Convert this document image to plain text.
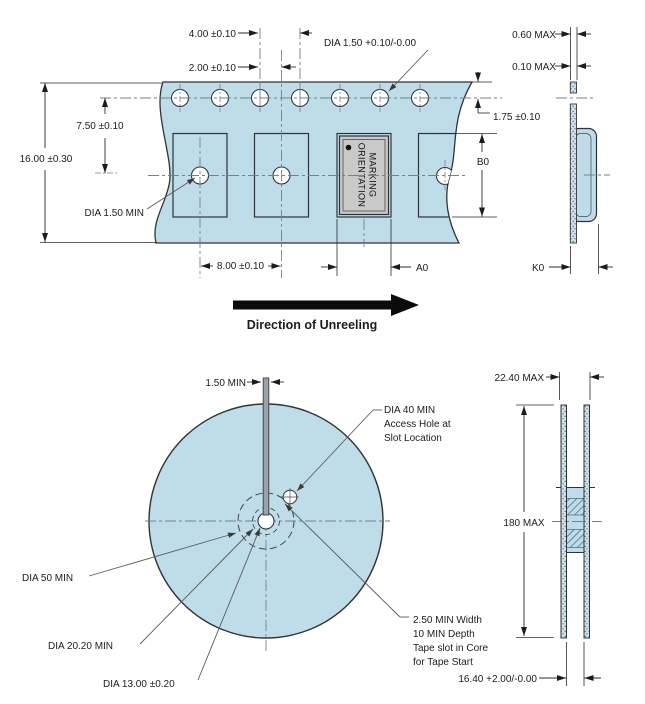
MARKING
ORIENTATION
4.00 ±0.10
2.00 ±0.10
DIA 1.50 +0.10/-0.00
16.00 ±0.30
7.50 ±0.10
DIA 1.50 MIN
8.00 ±0.10	A0
B0
1.75 ±0.10
Direction of Unreeling
0.60 MAX
0.10 MAX
K0
1.50 MIN
DIA 40 MIN
Access Hole at
Slot Location
DIA 50 MIN
DIA 20.20 MIN
DIA 13.00 ±0.20
2.50 MIN Width
10 MIN Depth
Tape slot in Core
for Tape Start
22.40 MAX
180 MAX
16.40 +2.00/-0.00
